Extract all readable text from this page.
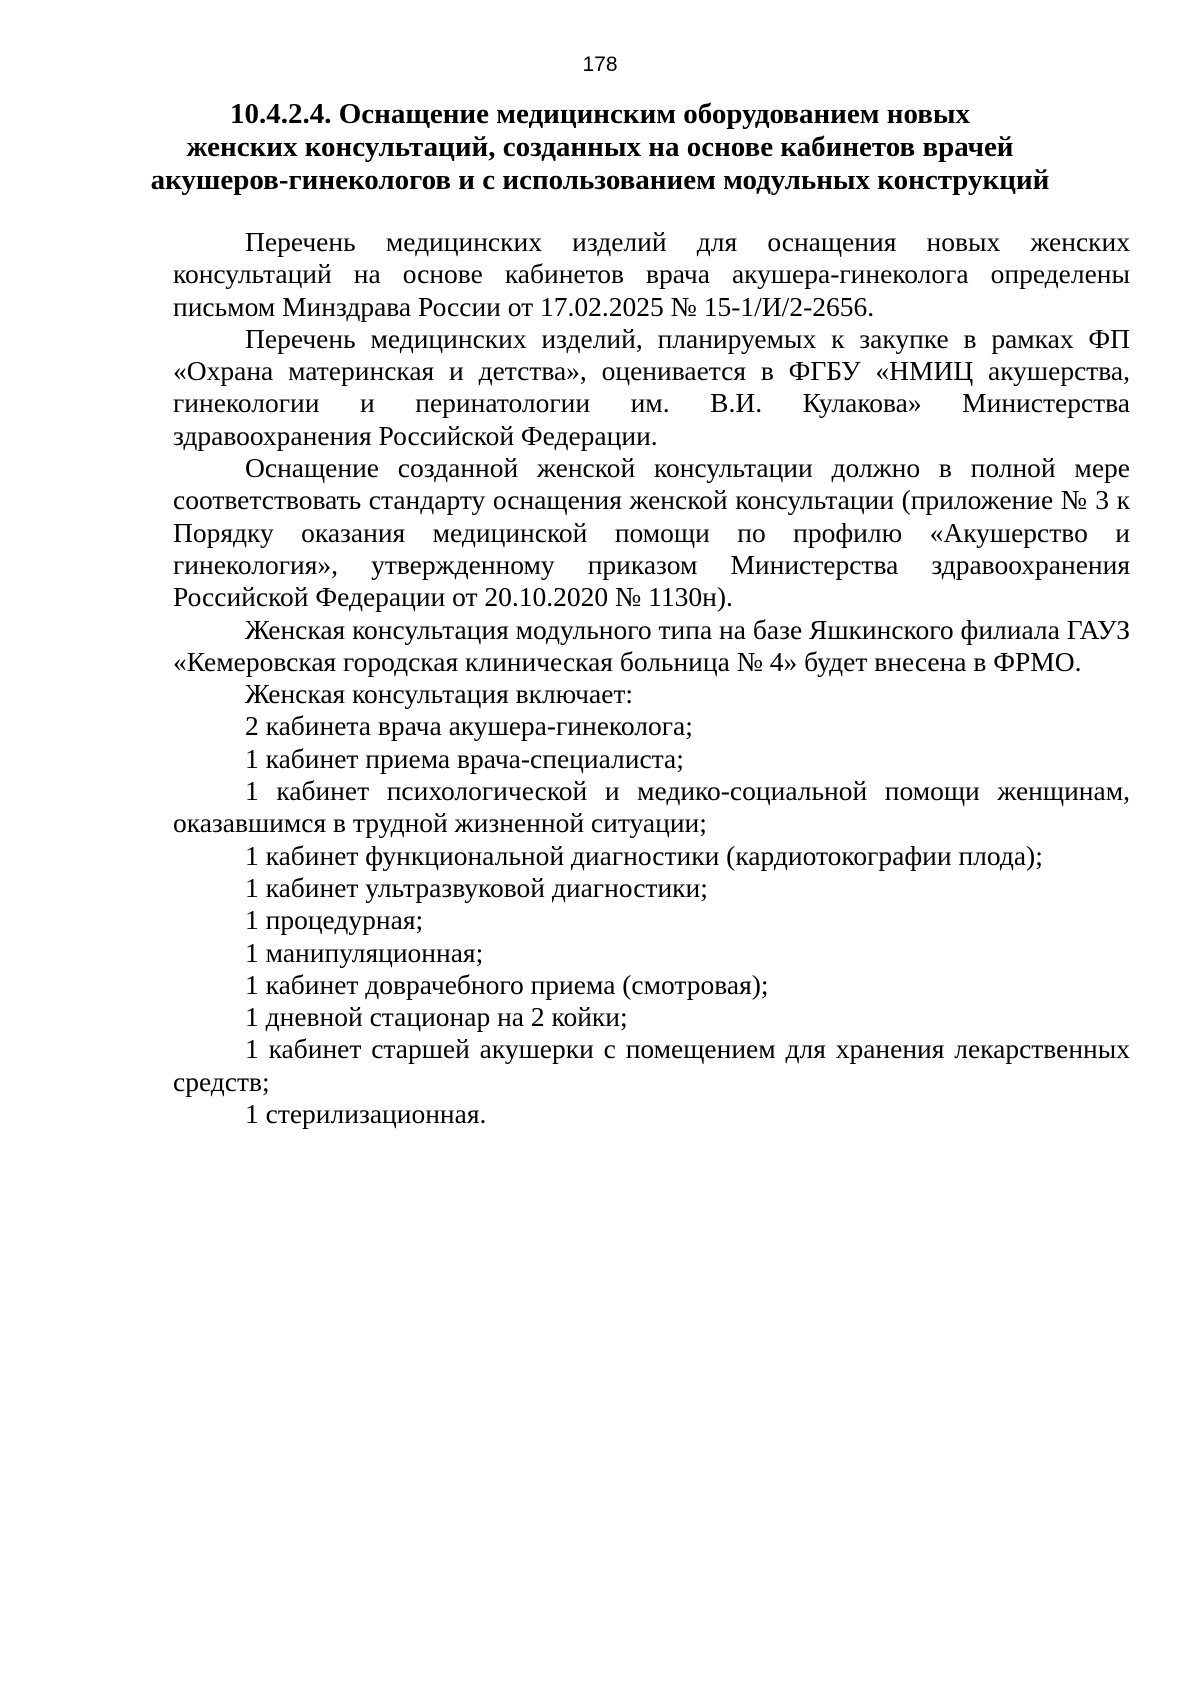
178
10.4.2.4. Оснащение медицинским оборудованием новых
женских консультаций, созданных на основе кабинетов врачей
акушеров-гинекологов и с использованием модульных конструкций

Перечень медицинских изделий для оснащения новых женских консультаций на основе кабинетов врача акушера-гинеколога определены письмом Минздрава России от 17.02.2025 № 15-1/И/2-2656.

Перечень медицинских изделий, планируемых к закупке в рамках ФП «Охрана материнская и детства», оценивается в ФГБУ «НМИЦ акушерства, гинекологии и перинатологии им. В.И. Кулакова» Министерства здравоохранения Российской Федерации.

Оснащение созданной женской консультации должно в полной мере соответствовать стандарту оснащения женской консультации (приложение № 3 к Порядку оказания медицинской помощи по профилю «Акушерство и гинекология», утвержденному приказом Министерства здравоохранения Российской Федерации от 20.10.2020 № 1130н).

Женская консультация модульного типа на базе Яшкинского филиала ГАУЗ «Кемеровская городская клиническая больница № 4» будет внесена в ФРМО.

Женская консультация включает:

2 кабинета врача акушера-гинеколога;

1 кабинет приема врача-специалиста;

1 кабинет психологической и медико-социальной помощи женщинам, оказавшимся в трудной жизненной ситуации;

1 кабинет функциональной диагностики (кардиотокографии плода);

1 кабинет ультразвуковой диагностики;

1 процедурная;

1 манипуляционная;

1 кабинет доврачебного приема (смотровая);

1 дневной стационар на 2 койки;

1 кабинет старшей акушерки с помещением для хранения лекарственных средств;

1 стерилизационная.
